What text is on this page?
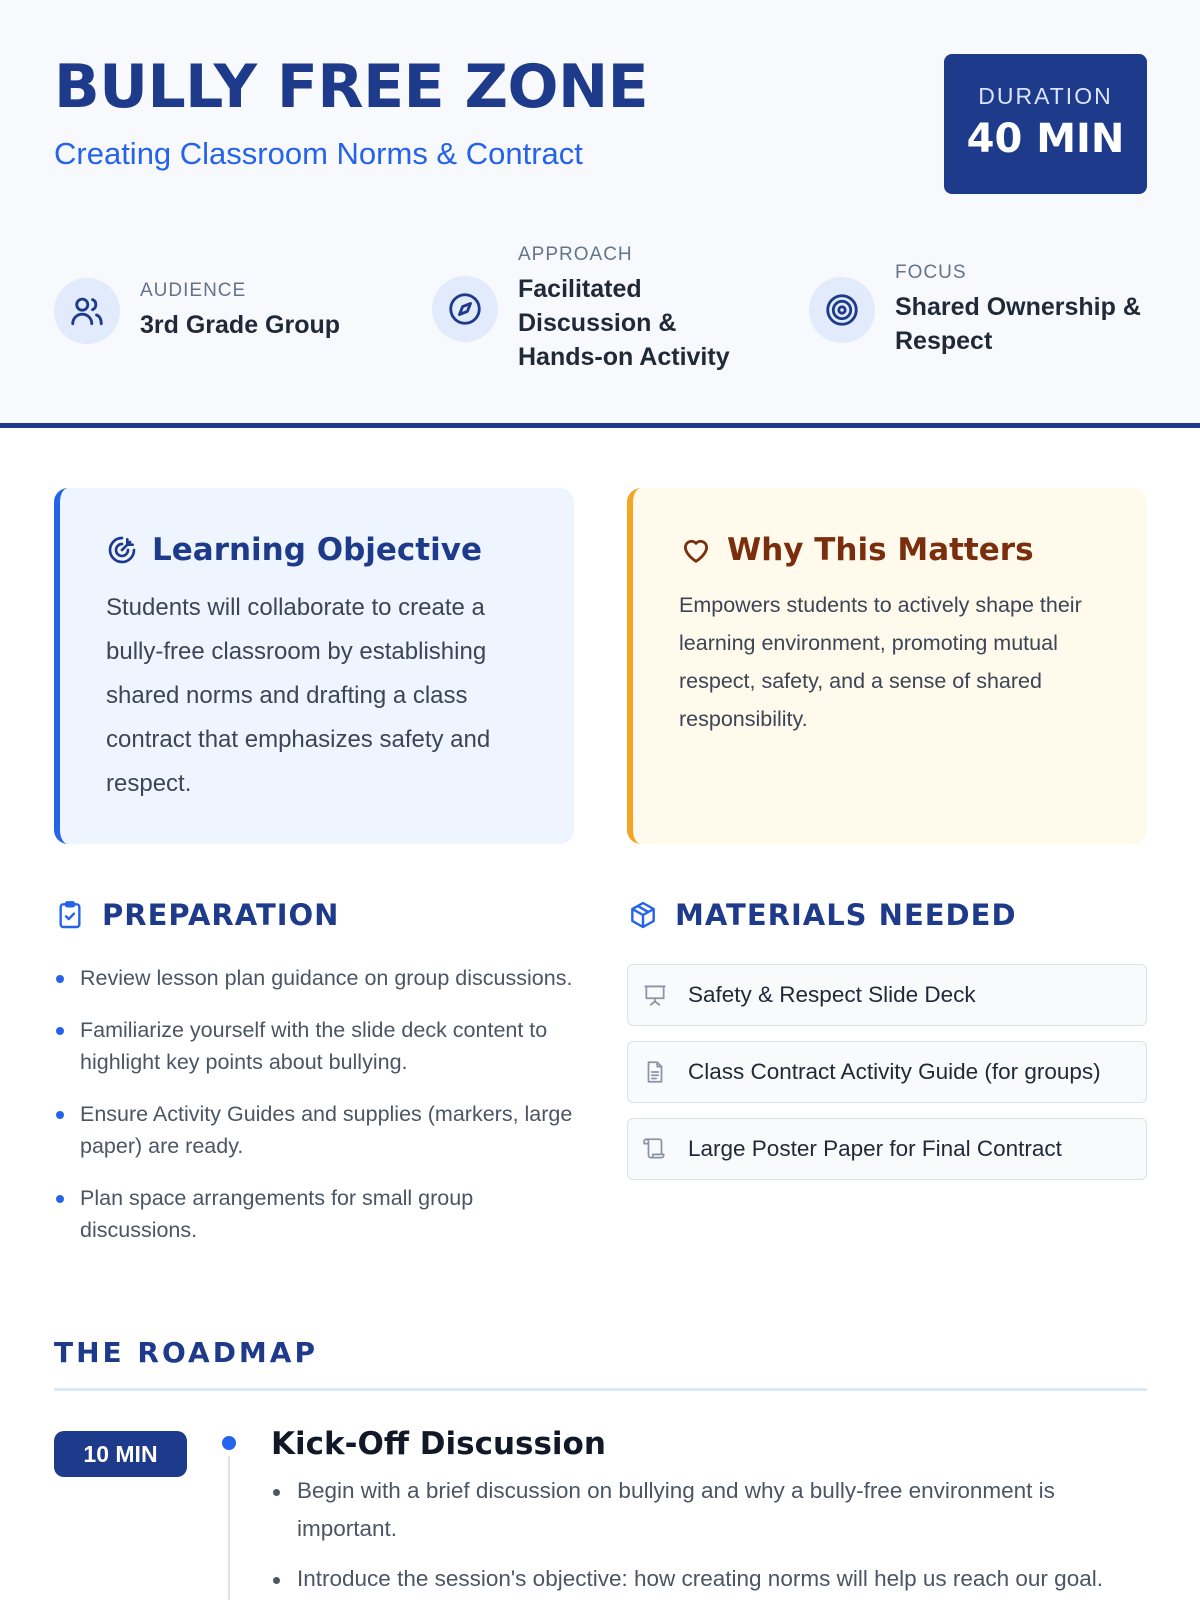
BULLY FREE ZONE
Creating Classroom Norms & Contract
DURATION
40 MIN
AUDIENCE
3rd Grade Group
APPROACH
Facilitated Discussion & Hands-on Activity
FOCUS
Shared Ownership & Respect
Learning Objective
Students will collaborate to create a bully-free classroom by establishing shared norms and drafting a class contract that emphasizes safety and respect.
Why This Matters
Empowers students to actively shape their learning environment, promoting mutual respect, safety, and a sense of shared responsibility.
PREPARATION
Review lesson plan guidance on group discussions.
Familiarize yourself with the slide deck content to highlight key points about bullying.
Ensure Activity Guides and supplies (markers, large paper) are ready.
Plan space arrangements for small group discussions.
MATERIALS NEEDED
Safety & Respect Slide Deck
Class Contract Activity Guide (for groups)
Large Poster Paper for Final Contract
THE ROADMAP
10 MIN	Kick-Off Discussion
Begin with a brief discussion on bullying and why a bully-free environment is important.
Introduce the session's objective: how creating norms will help us reach our goal.
